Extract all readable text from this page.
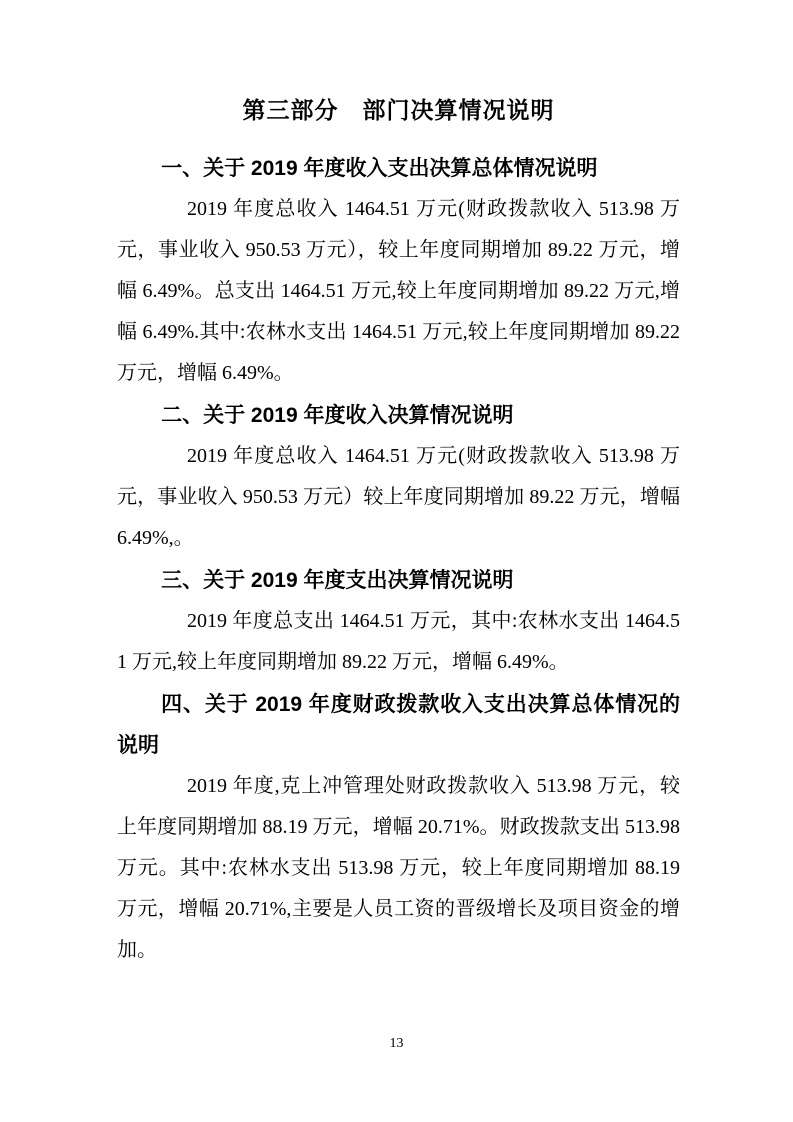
第三部分　部门决算情况说明
一、关于 2019 年度收入支出决算总体情况说明

2019 年度总收入 1464.51 万元(财政拨款收入 513.98 万元，事业收入 950.53 万元），较上年度同期增加 89.22 万元，增幅 6.49%。总支出 1464.51 万元,较上年度同期增加 89.22 万元,增幅 6.49%.其中:农林水支出 1464.51 万元,较上年度同期增加 89.22 万元，增幅 6.49%。

二、关于 2019 年度收入决算情况说明

2019 年度总收入 1464.51 万元(财政拨款收入 513.98 万元，事业收入 950.53 万元）较上年度同期增加 89.22 万元，增幅 6.49%,。

三、关于 2019 年度支出决算情况说明

2019 年度总支出 1464.51 万元，其中:农林水支出 1464.51 万元,较上年度同期增加 89.22 万元，增幅 6.49%。

四、关于 2019 年度财政拨款收入支出决算总体情况的说明

2019 年度,克上冲管理处财政拨款收入 513.98 万元，较上年度同期增加 88.19 万元，增幅 20.71%。财政拨款支出 513.98 万元。其中:农林水支出 513.98 万元，较上年度同期增加 88.19 万元，增幅 20.71%,主要是人员工资的晋级增长及项目资金的增加。

13
